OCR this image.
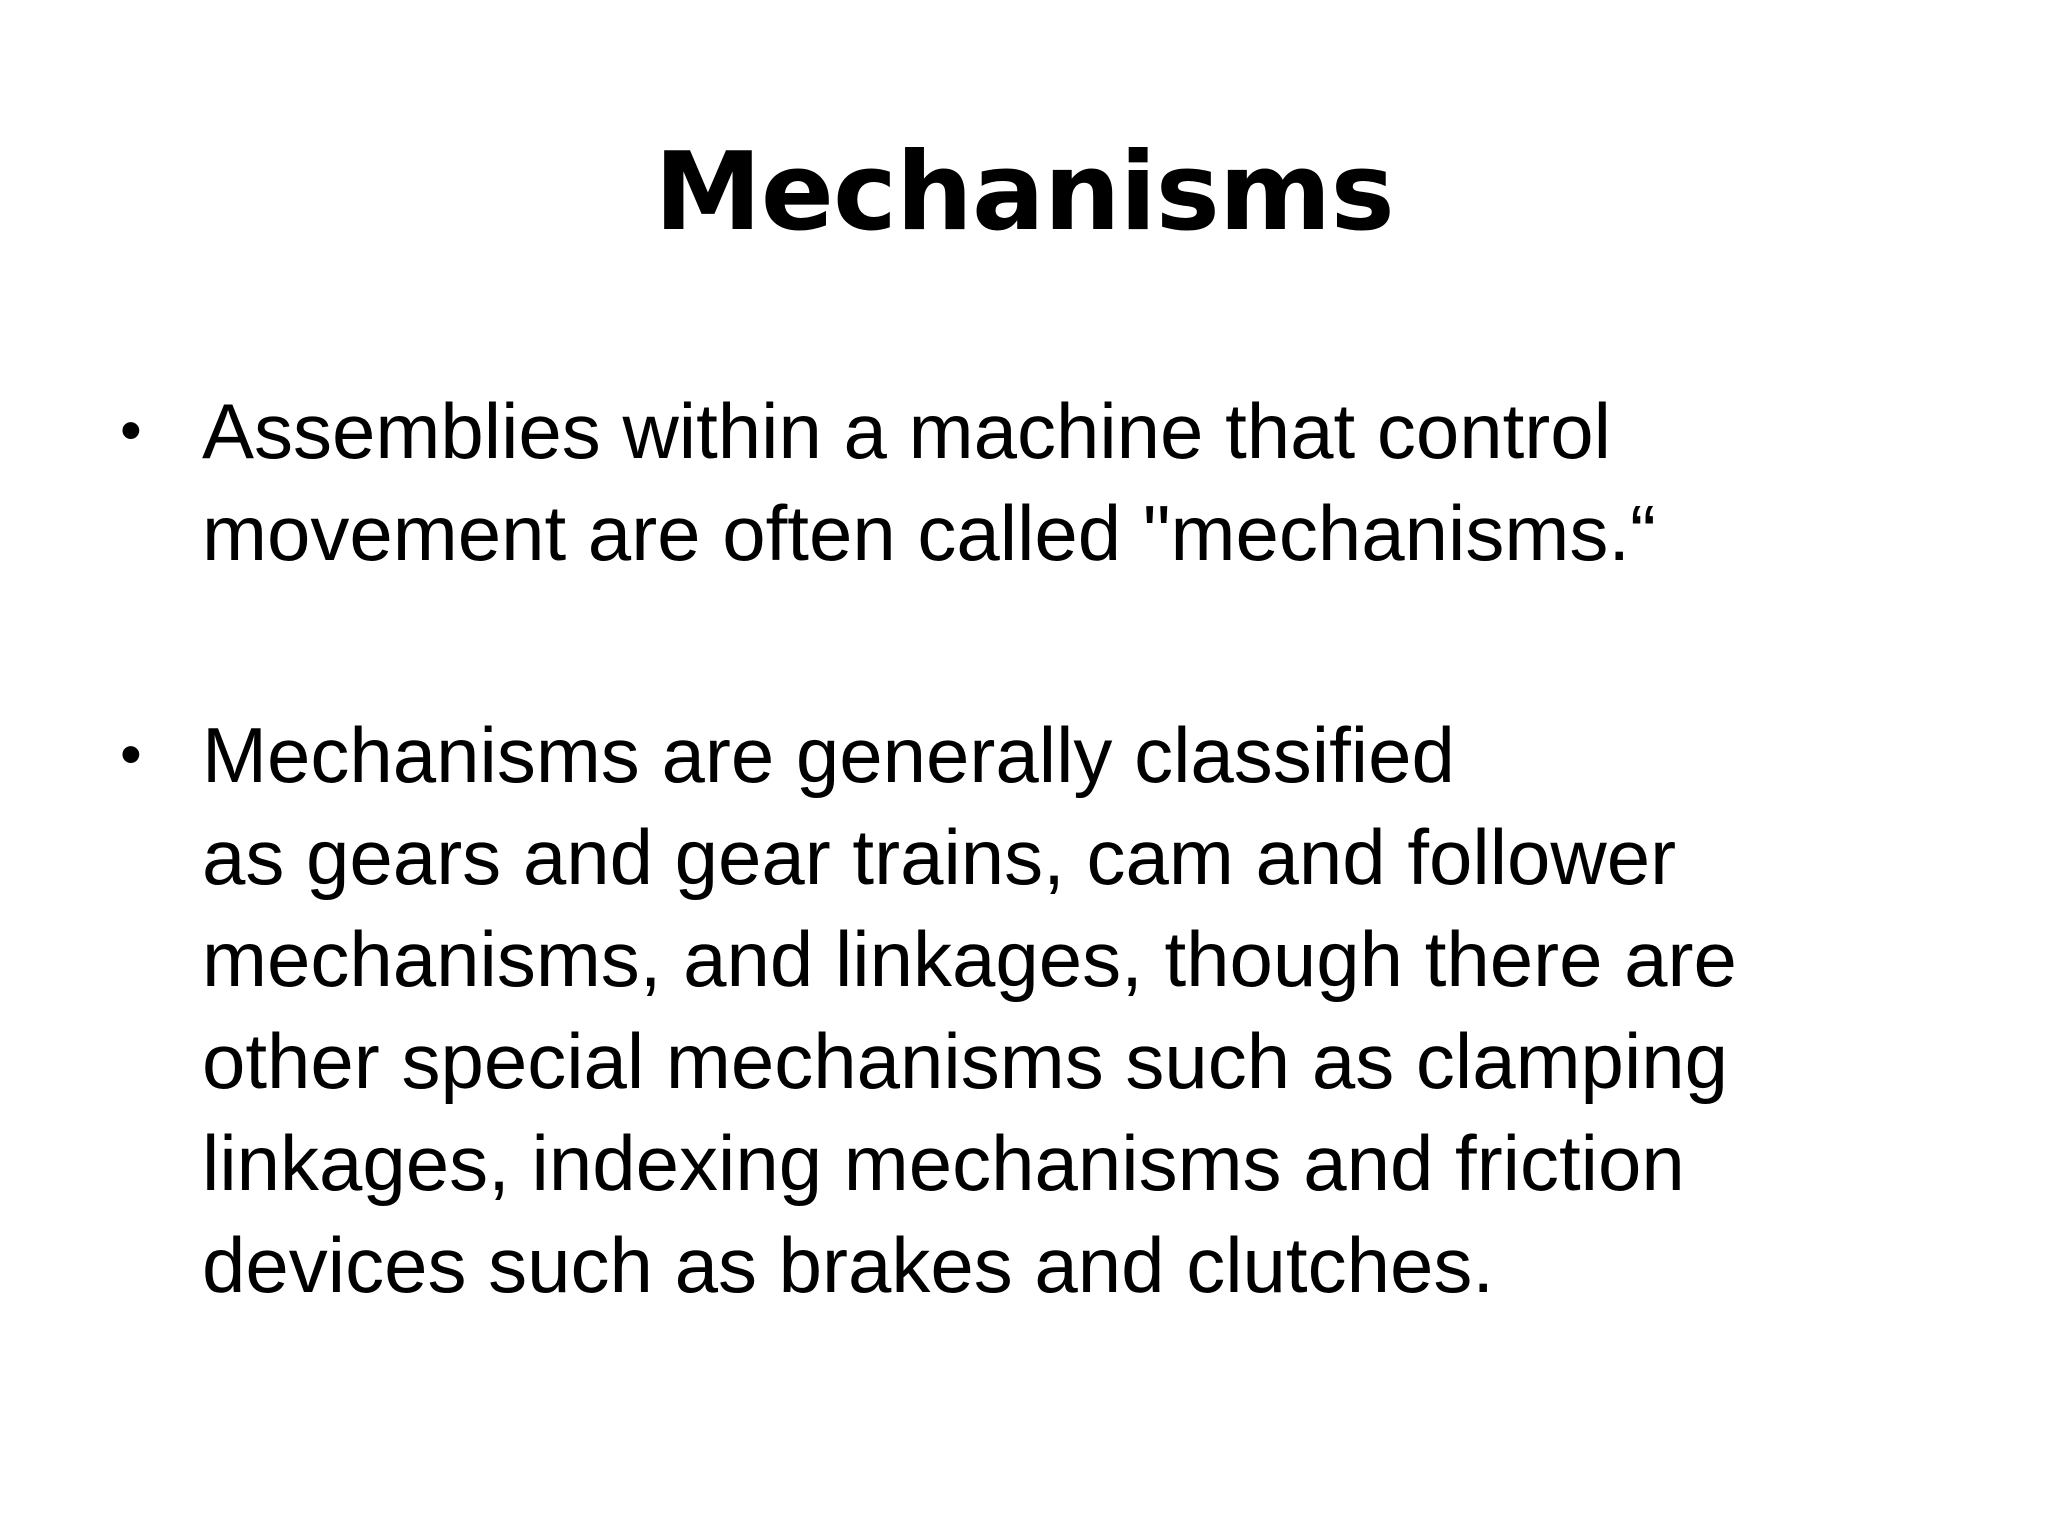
Mechanisms
• Assemblies within a machine that control
movement are often called "mechanisms.“
• Mechanisms are generally classified
as gears and gear trains, cam and follower
mechanisms, and linkages, though there are
other special mechanisms such as clamping
linkages, indexing mechanisms and friction
devices such as brakes and clutches.
